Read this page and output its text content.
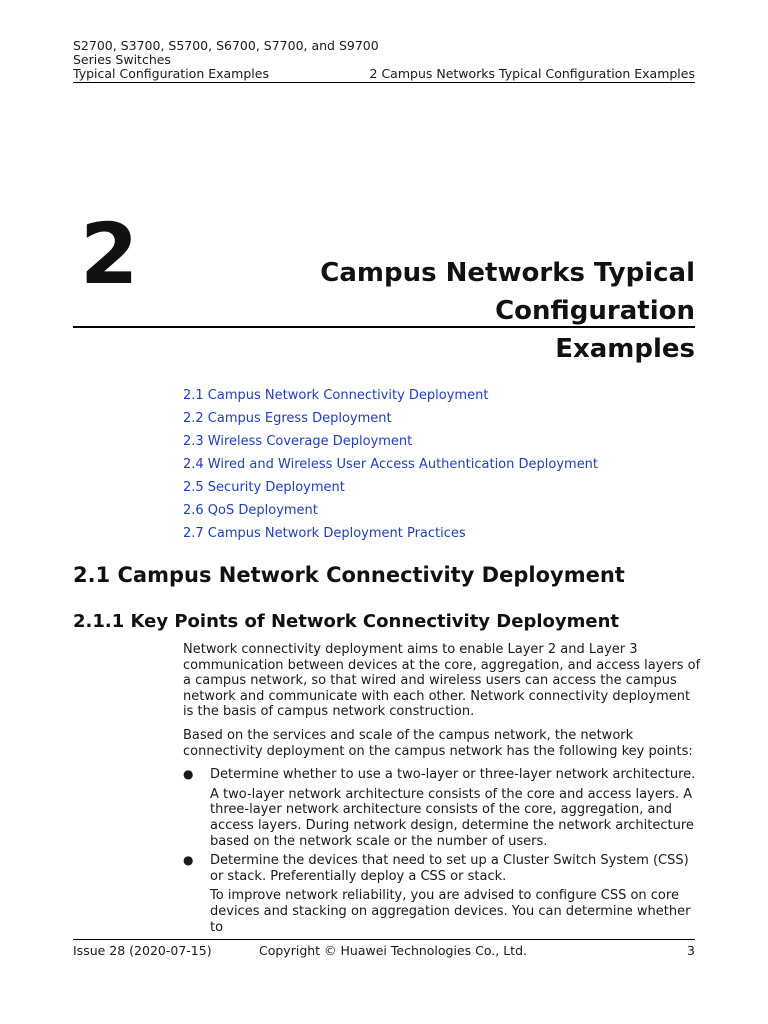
S2700, S3700, S5700, S6700, S7700, and S9700
Series Switches
Typical Configuration Examples	2 Campus Networks Typical Configuration Examples
2	Campus Networks Typical Configuration
Examples
2.1 Campus Network Connectivity Deployment
2.2 Campus Egress Deployment
2.3 Wireless Coverage Deployment
2.4 Wired and Wireless User Access Authentication Deployment
2.5 Security Deployment
2.6 QoS Deployment
2.7 Campus Network Deployment Practices
2.1 Campus Network Connectivity Deployment
2.1.1 Key Points of Network Connectivity Deployment

Network connectivity deployment aims to enable Layer 2 and Layer 3 communication between devices at the core, aggregation, and access layers of a campus network, so that wired and wireless users can access the campus network and communicate with each other. Network connectivity deployment is the basis of campus network construction.

Based on the services and scale of the campus network, the network connectivity deployment on the campus network has the following key points:

● Determine whether to use a two-layer or three-layer network architecture.

A two-layer network architecture consists of the core and access layers. A three-layer network architecture consists of the core, aggregation, and access layers. During network design, determine the network architecture based on the network scale or the number of users.

● Determine the devices that need to set up a Cluster Switch System (CSS) or stack. Preferentially deploy a CSS or stack.

To improve network reliability, you are advised to configure CSS on core devices and stacking on aggregation devices. You can determine whether to

Issue 28 (2020-07-15)	Copyright © Huawei Technologies Co., Ltd.	3
